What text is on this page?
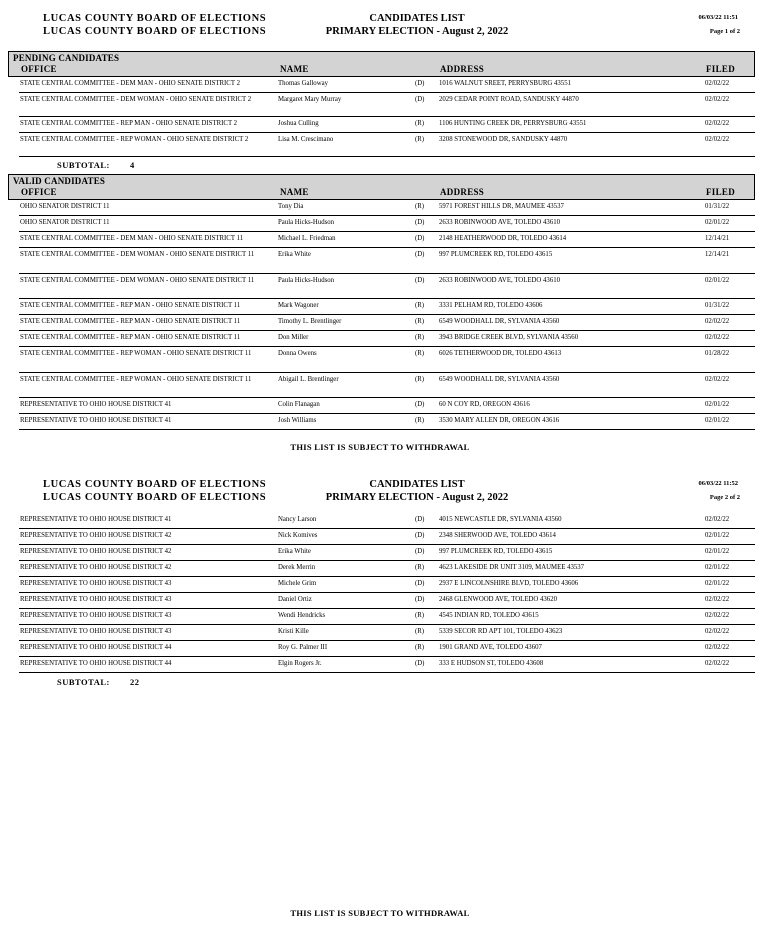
LUCAS COUNTY BOARD OF ELECTIONS
LUCAS COUNTY BOARD OF ELECTIONS
CANDIDATES LIST
PRIMARY ELECTION - August 2, 2022
06/03/22 11:51
Page 1 of 2
PENDING CANDIDATES
OFFICE	NAME	ADDRESS	FILED
STATE CENTRAL COMMITTEE - DEM MAN - OHIO SENATE DISTRICT 2	Thomas Galloway	(D)	1016 WALNUT SREET, PERRYSBURG 43551	02/02/22
STATE CENTRAL COMMITTEE - DEM WOMAN - OHIO SENATE DISTRICT 2	Margaret Mary Murray	(D)	2029 CEDAR POINT ROAD, SANDUSKY 44870	02/02/22
STATE CENTRAL COMMITTEE - REP MAN - OHIO SENATE DISTRICT 2	Joshua Culling	(R)	1106 HUNTING CREEK DR, PERRYSBURG 43551	02/02/22
STATE CENTRAL COMMITTEE - REP WOMAN - OHIO SENATE DISTRICT 2	Lisa M. Crescimano	(R)	3208 STONEWOOD DR, SANDUSKY 44870	02/02/22
SUBTOTAL: 4
VALID CANDIDATES
OFFICE	NAME	ADDRESS	FILED
OHIO SENATOR DISTRICT 11	Tony Dia	(R)	5971 FOREST HILLS DR, MAUMEE 43537	01/31/22
OHIO SENATOR DISTRICT 11	Paula Hicks-Hudson	(D)	2633 ROBINWOOD AVE, TOLEDO 43610	02/01/22
STATE CENTRAL COMMITTEE - DEM MAN - OHIO SENATE DISTRICT 11	Michael L. Friedman	(D)	2148 HEATHERWOOD DR, TOLEDO 43614	12/14/21
STATE CENTRAL COMMITTEE - DEM WOMAN - OHIO SENATE DISTRICT 11	Erika White	(D)	997 PLUMCREEK RD, TOLEDO 43615	12/14/21
STATE CENTRAL COMMITTEE - DEM WOMAN - OHIO SENATE DISTRICT 11	Paula Hicks-Hudson	(D)	2633 ROBINWOOD AVE, TOLEDO 43610	02/01/22
STATE CENTRAL COMMITTEE - REP MAN - OHIO SENATE DISTRICT 11	Mark Wagoner	(R)	3331 PELHAM RD, TOLEDO 43606	01/31/22
STATE CENTRAL COMMITTEE - REP MAN - OHIO SENATE DISTRICT 11	Timothy L. Brentlinger	(R)	6549 WOODHALL DR, SYLVANIA 43560	02/02/22
STATE CENTRAL COMMITTEE - REP MAN - OHIO SENATE DISTRICT 11	Don Miller	(R)	3943 BRIDGE CREEK BLVD, SYLVANIA 43560	02/02/22
STATE CENTRAL COMMITTEE - REP WOMAN - OHIO SENATE DISTRICT 11	Donna Owens	(R)	6026 TETHERWOOD DR, TOLEDO 43613	01/28/22
STATE CENTRAL COMMITTEE - REP WOMAN - OHIO SENATE DISTRICT 11	Abigail L. Brentlinger	(R)	6549 WOODHALL DR, SYLVANIA 43560	02/02/22
REPRESENTATIVE TO OHIO HOUSE DISTRICT 41	Colin Flanagan	(D)	60 N COY RD, OREGON 43616	02/01/22
REPRESENTATIVE TO OHIO HOUSE DISTRICT 41	Josh Williams	(R)	3530 MARY ALLEN DR, OREGON 43616	02/01/22
REPRESENTATIVE TO OHIO HOUSE DISTRICT 41	Nancy Larson	(D)	4015 NEWCASTLE DR, SYLVANIA 43560	02/02/22
REPRESENTATIVE TO OHIO HOUSE DISTRICT 42	Nick Komives	(D)	2348 SHERWOOD AVE, TOLEDO 43614	02/01/22
REPRESENTATIVE TO OHIO HOUSE DISTRICT 42	Erika White	(D)	997 PLUMCREEK RD, TOLEDO 43615	02/01/22
REPRESENTATIVE TO OHIO HOUSE DISTRICT 42	Derek Merrin	(R)	4623 LAKESIDE DR UNIT 3109, MAUMEE 43537	02/01/22
REPRESENTATIVE TO OHIO HOUSE DISTRICT 43	Michele Grim	(D)	2937 E LINCOLNSHIRE BLVD, TOLEDO 43606	02/01/22
REPRESENTATIVE TO OHIO HOUSE DISTRICT 43	Daniel Ortiz	(D)	2468 GLENWOOD AVE, TOLEDO 43620	02/02/22
REPRESENTATIVE TO OHIO HOUSE DISTRICT 43	Wendi Hendricks	(R)	4545 INDIAN RD, TOLEDO 43615	02/02/22
REPRESENTATIVE TO OHIO HOUSE DISTRICT 43	Kristi Kille	(R)	5339 SECOR RD APT 101, TOLEDO 43623	02/02/22
REPRESENTATIVE TO OHIO HOUSE DISTRICT 44	Roy G. Palmer III	(R)	1901 GRAND AVE, TOLEDO 43607	02/02/22
REPRESENTATIVE TO OHIO HOUSE DISTRICT 44	Elgin Rogers Jr.	(D)	333 E HUDSON ST, TOLEDO 43608	02/02/22
THIS LIST IS SUBJECT TO WITHDRAWAL
LUCAS COUNTY BOARD OF ELECTIONS
LUCAS COUNTY BOARD OF ELECTIONS
CANDIDATES LIST
PRIMARY ELECTION - August 2, 2022
06/03/22 11:52
Page 2 of 2
SUBTOTAL: 22
THIS LIST IS SUBJECT TO WITHDRAWAL
